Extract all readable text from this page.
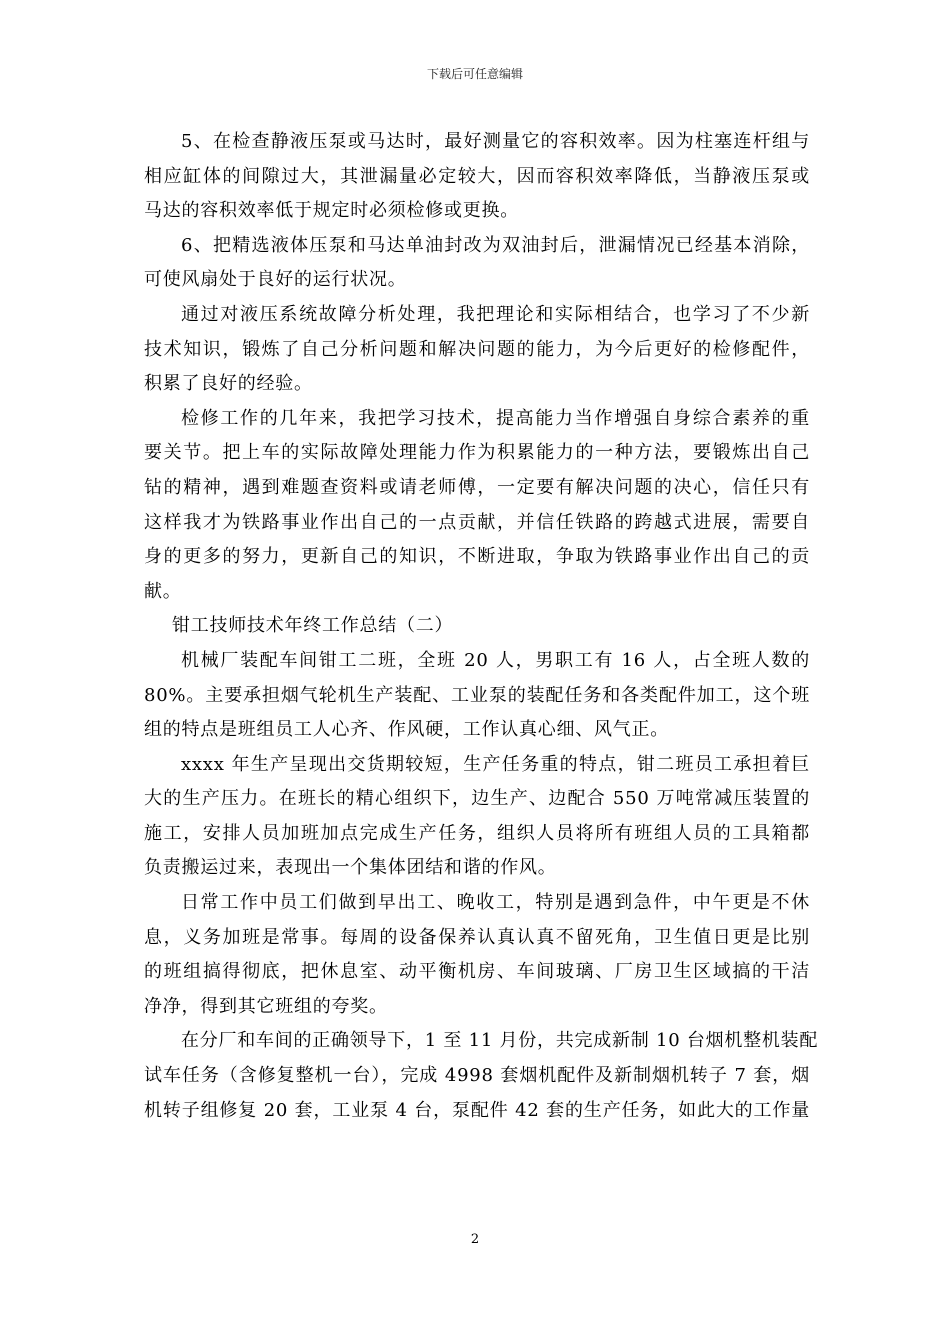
下载后可任意编辑
5、在检查静液压泵或马达时，最好测量它的容积效率。因为柱塞连杆组与
相应缸体的间隙过大，其泄漏量必定较大，因而容积效率降低，当静液压泵或
马达的容积效率低于规定时必须检修或更换。
6、把精选液体压泵和马达单油封改为双油封后，泄漏情况已经基本消除，
可使风扇处于良好的运行状况。
通过对液压系统故障分析处理，我把理论和实际相结合，也学习了不少新
技术知识，锻炼了自己分析问题和解决问题的能力，为今后更好的检修配件，
积累了良好的经验。
检修工作的几年来，我把学习技术，提高能力当作增强自身综合素养的重
要关节。把上车的实际故障处理能力作为积累能力的一种方法，要锻炼出自己
钻的精神，遇到难题查资料或请老师傅，一定要有解决问题的决心，信任只有
这样我才为铁路事业作出自己的一点贡献，并信任铁路的跨越式进展，需要自
身的更多的努力，更新自己的知识，不断进取，争取为铁路事业作出自己的贡
献。
钳工技师技术年终工作总结（二）
机械厂装配车间钳工二班，全班 20 人，男职工有 16 人，占全班人数的
80%。主要承担烟气轮机生产装配、工业泵的装配任务和各类配件加工，这个班
组的特点是班组员工人心齐、作风硬，工作认真心细、风气正。
xxxx 年生产呈现出交货期较短，生产任务重的特点，钳二班员工承担着巨
大的生产压力。在班长的精心组织下，边生产、边配合 550 万吨常减压装置的
施工，安排人员加班加点完成生产任务，组织人员将所有班组人员的工具箱都
负责搬运过来，表现出一个集体团结和谐的作风。
日常工作中员工们做到早出工、晚收工，特别是遇到急件，中午更是不休
息，义务加班是常事。每周的设备保养认真认真不留死角，卫生值日更是比别
的班组搞得彻底，把休息室、动平衡机房、车间玻璃、厂房卫生区域搞的干洁
净净，得到其它班组的夸奖。
在分厂和车间的正确领导下，1 至 11 月份，共完成新制 10 台烟机整机装配
试车任务（含修复整机一台），完成 4998 套烟机配件及新制烟机转子 7 套，烟
机转子组修复 20 套，工业泵 4 台，泵配件 42 套的生产任务，如此大的工作量
2
